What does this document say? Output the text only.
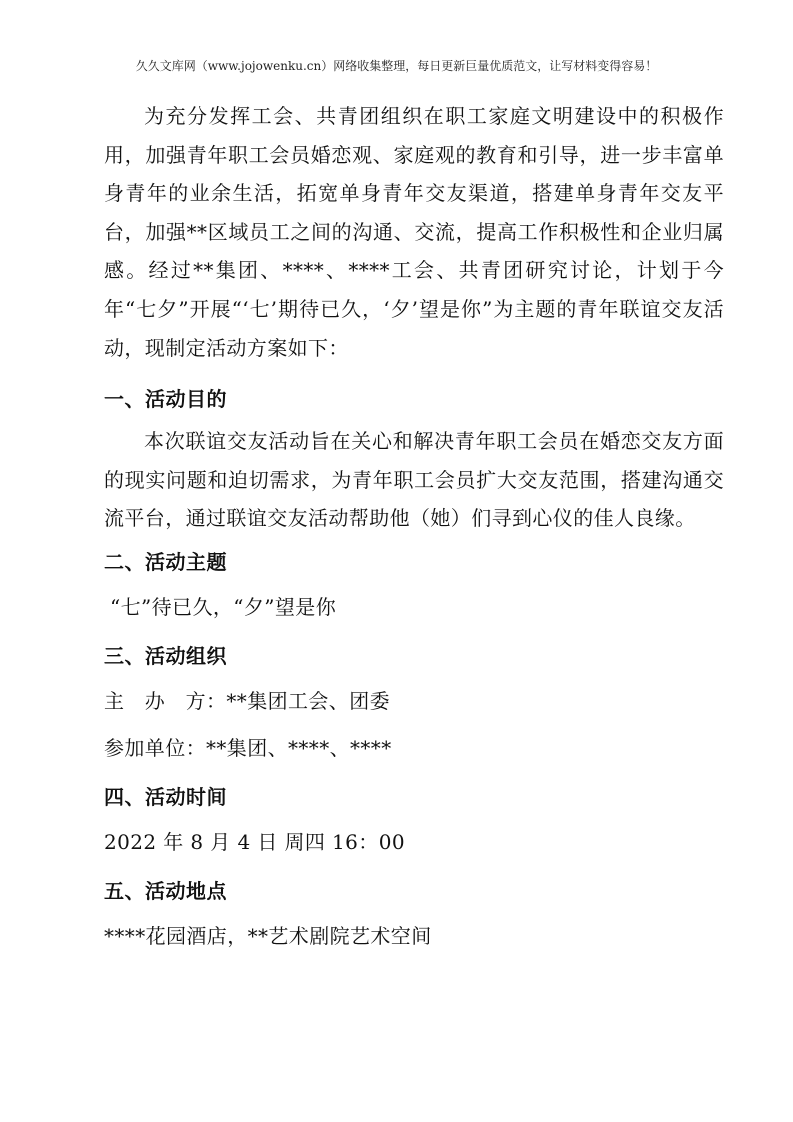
久久文库网（www.jojowenku.cn）网络收集整理，每日更新巨量优质范文，让写材料变得容易！

为充分发挥工会、共青团组织在职工家庭文明建设中的积极作用，加强青年职工会员婚恋观、家庭观的教育和引导，进一步丰富单身青年的业余生活，拓宽单身青年交友渠道，搭建单身青年交友平台，加强**区域员工之间的沟通、交流，提高工作积极性和企业归属感。经过**集团、****、****工会、共青团研究讨论，计划于今年“七夕”开展“‘七’期待已久，‘夕’望是你”为主题的青年联谊交友活动，现制定活动方案如下：

一、活动目的

本次联谊交友活动旨在关心和解决青年职工会员在婚恋交友方面的现实问题和迫切需求，为青年职工会员扩大交友范围，搭建沟通交流平台，通过联谊交友活动帮助他（她）们寻到心仪的佳人良缘。

二、活动主题

“七”待已久，“夕”望是你

三、活动组织

主　办　方：**集团工会、团委

参加单位：**集团、****、****

四、活动时间

2022 年 8 月 4 日 周四 16：00

五、活动地点

****花园酒店，**艺术剧院艺术空间
